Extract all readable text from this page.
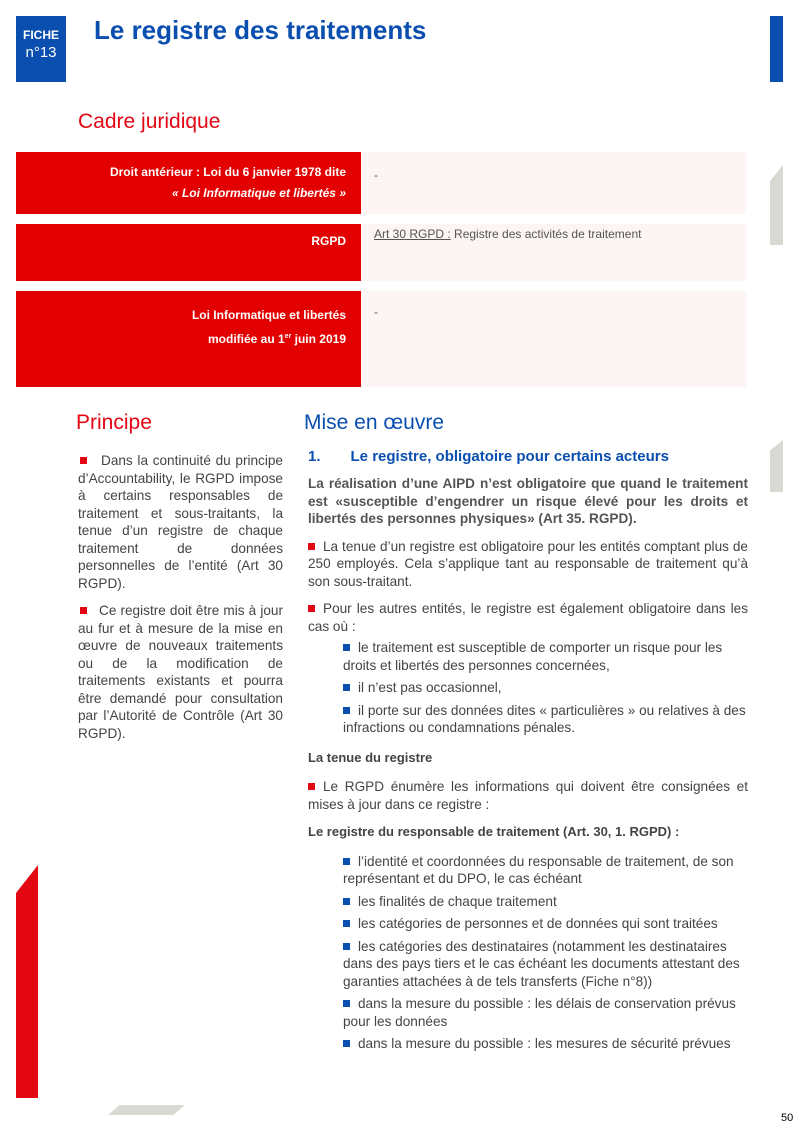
FICHE
n°13
Le registre des traitements
Cadre juridique
Droit antérieur : Loi du 6 janvier 1978 dite
« Loi Informatique et libertés »
-
RGPD	Art 30 RGPD : Registre des activités de traitement
Loi Informatique et libertés
modifiée au 1er juin 2019
-
Principe

Dans la continuité du principe d’Accountability, le RGPD impose à certains responsables de traitement et sous-traitants, la tenue d’un registre de chaque traitement de données personnelles de l’entité (Art 30 RGPD).

Ce registre doit être mis à jour au fur et à mesure de la mise en œuvre de nouveaux traitements ou de la modification de traitements existants et pourra être demandé pour consultation par l’Autorité de Contrôle (Art 30 RGPD).

Mise en œuvre
1. Le registre, obligatoire pour certains acteurs

La réalisation d’une AIPD n’est obligatoire que quand le traitement est «susceptible d’engendrer un risque élevé pour les droits et libertés des personnes physiques» (Art 35. RGPD).

La tenue d’un registre est obligatoire pour les entités comptant plus de 250 employés. Cela s’applique tant au responsable de traitement qu’à son sous-traitant.

Pour les autres entités, le registre est également obligatoire dans les cas où :

le traitement est susceptible de comporter un risque pour les droits et libertés des personnes concernées,

il n’est pas occasionnel,

il porte sur des données dites « particulières » ou relatives à des infractions ou condamnations pénales.

La tenue du registre

Le RGPD énumère les informations qui doivent être consignées et mises à jour dans ce registre :

Le registre du responsable de traitement (Art. 30, 1. RGPD) :

l’identité et coordonnées du responsable de traitement, de son représentant et du DPO, le cas échéant

les finalités de chaque traitement

les catégories de personnes et de données qui sont traitées

les catégories des destinataires (notamment les destinataires dans des pays tiers et le cas échéant les documents attestant des garanties attachées à de tels transferts (Fiche n°8))

dans la mesure du possible : les délais de conservation prévus pour les données

dans la mesure du possible : les mesures de sécurité prévues

50
